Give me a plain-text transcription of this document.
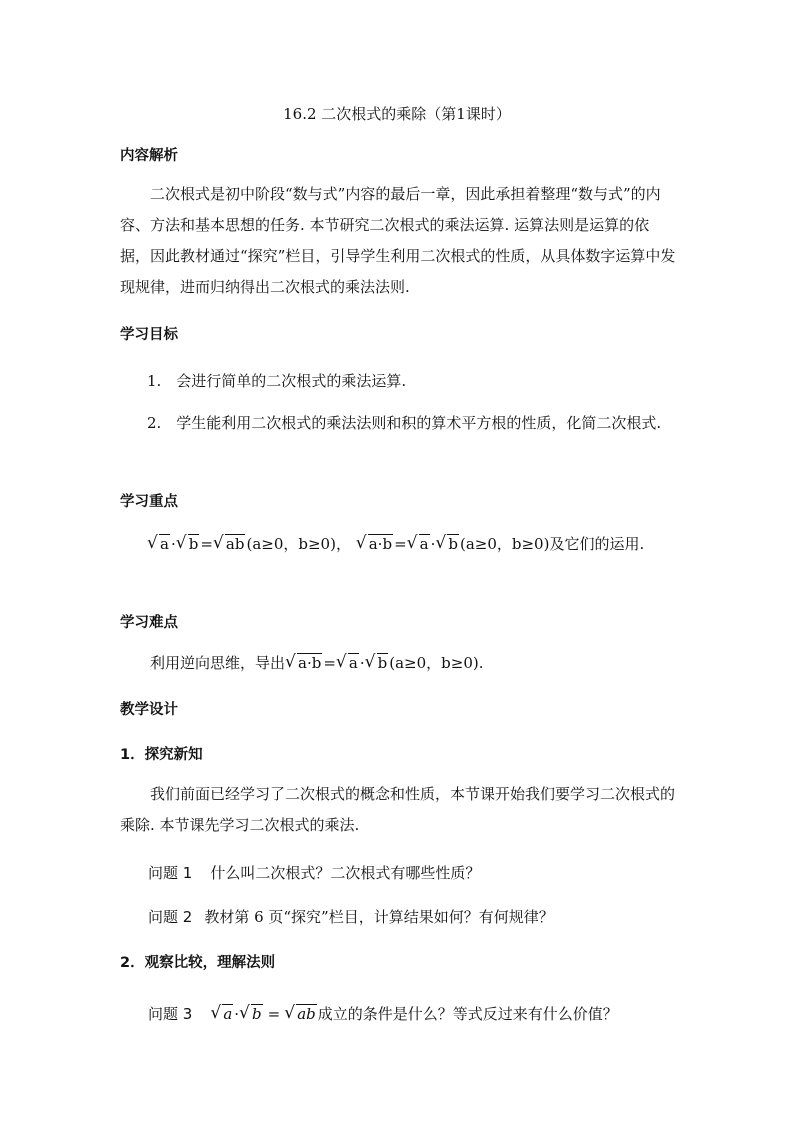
16.2 二次根式的乘除（第1课时）
内容解析
二次根式是初中阶段“数与式”内容的最后一章，因此承担着整理“数与式”的内容、方法和基本思想的任务. 本节研究二次根式的乘法运算. 运算法则是运算的依据，因此教材通过“探究”栏目，引导学生利用二次根式的性质，从具体数字运算中发现规律，进而归纳得出二次根式的乘法法则.
学习目标
1.　会进行简单的二次根式的乘法运算.
2.　学生能利用二次根式的乘法法则和积的算术平方根的性质，化简二次根式.
学习重点
√ a · √ b = √ ab (a≥0，b≥0)， √ a·b = √ a · √ b (a≥0，b≥0)及它们的运用.
学习难点
利用逆向思维，导出 √ a·b = √ a · √ b (a≥0，b≥0).
教学设计
1．探究新知
我们前面已经学习了二次根式的概念和性质，本节课开始我们要学习二次根式的乘除. 本节课先学习二次根式的乘法.
问题 1 什么叫二次根式？二次根式有哪些性质？
问题 2 教材第 6 页“探究”栏目，计算结果如何？有何规律？
2．观察比较，理解法则
问题 3 √ a · √ b = √ ab 成立的条件是什么？等式反过来有什么价值？
